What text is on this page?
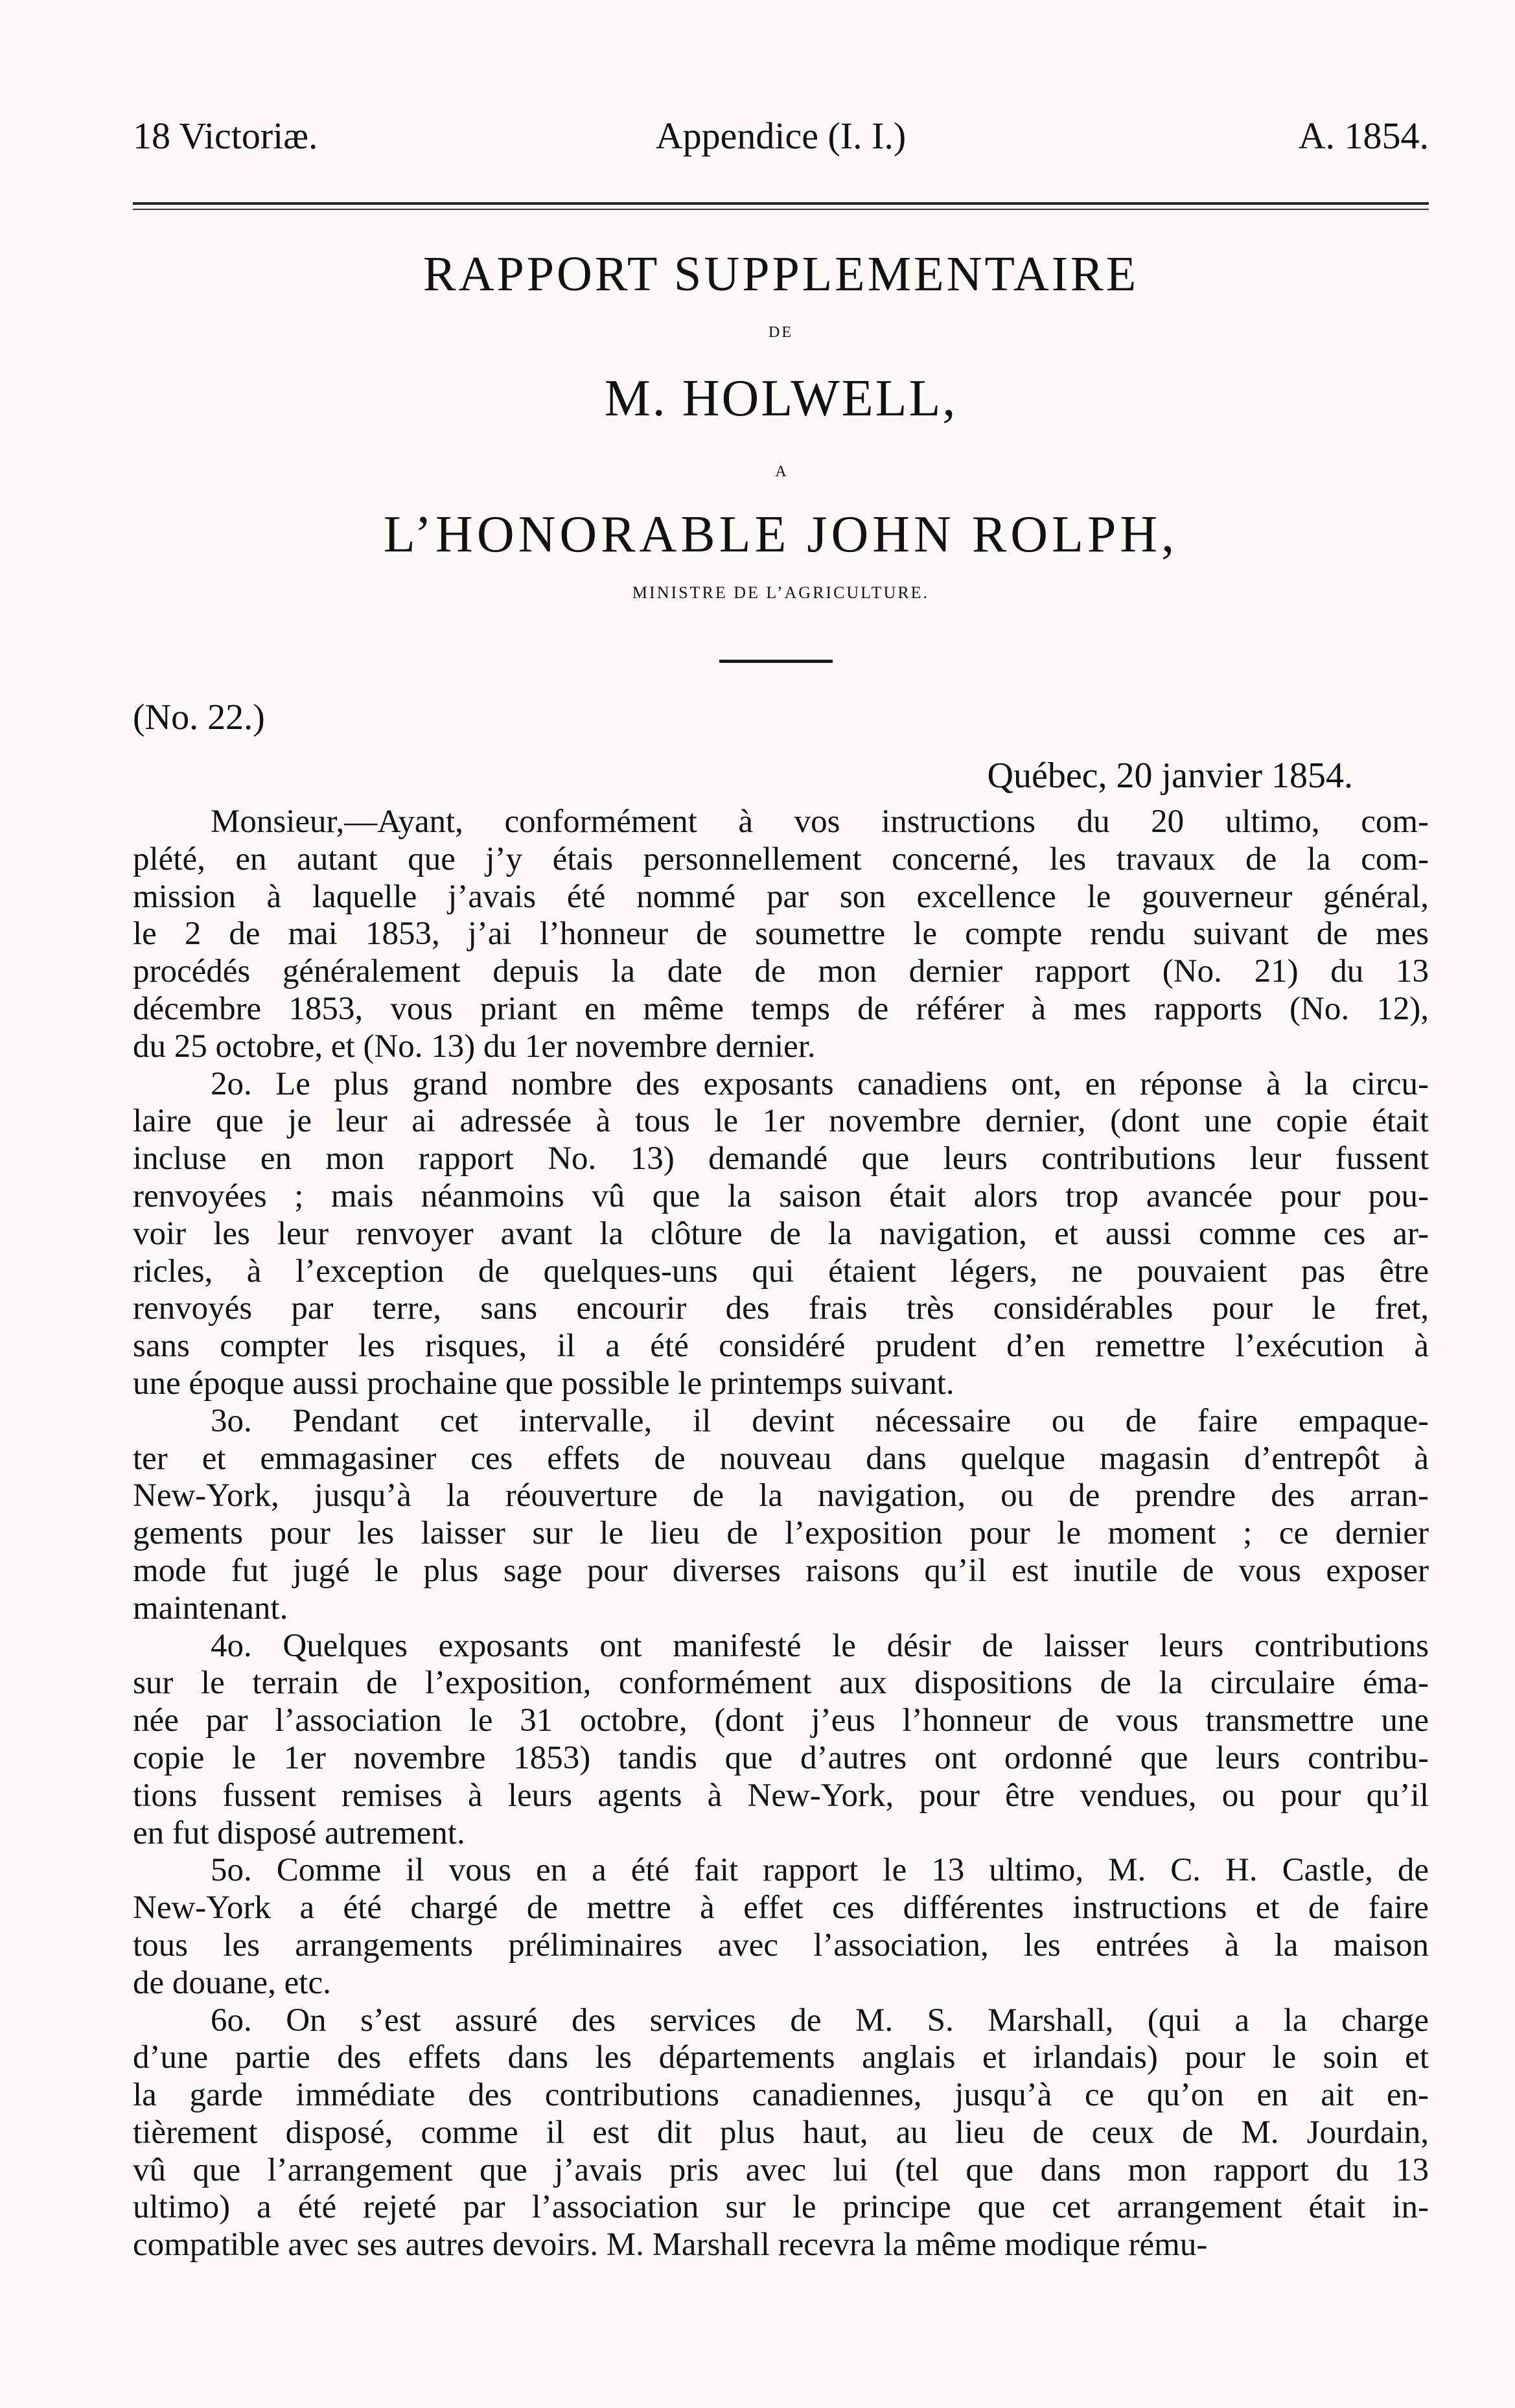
18 Victoriæ.	Appendice (I. I.)	A. 1854.
RAPPORT SUPPLEMENTAIRE
DE
M. HOLWELL,
A
L’HONORABLE JOHN ROLPH,
MINISTRE DE L’AGRICULTURE.
(No. 22.)
Québec, 20 janvier 1854.
Monsieur,—Ayant, conformément à vos instructions du 20 ultimo, com-
plété, en autant que j’y étais personnellement concerné, les travaux de la com-
mission à laquelle j’avais été nommé par son excellence le gouverneur général,
le 2 de mai 1853, j’ai l’honneur de soumettre le compte rendu suivant de mes
procédés généralement depuis la date de mon dernier rapport (No. 21) du 13
décembre 1853, vous priant en même temps de référer à mes rapports (No. 12),
du 25 octobre, et (No. 13) du 1er novembre dernier.
2o. Le plus grand nombre des exposants canadiens ont, en réponse à la circu-
laire que je leur ai adressée à tous le 1er novembre dernier, (dont une copie était
incluse en mon rapport No. 13) demandé que leurs contributions leur fussent
renvoyées ; mais néanmoins vû que la saison était alors trop avancée pour pou-
voir les leur renvoyer avant la clôture de la navigation, et aussi comme ces ar-
ricles, à l’exception de quelques-uns qui étaient légers, ne pouvaient pas être
renvoyés par terre, sans encourir des frais très considérables pour le fret,
sans compter les risques, il a été considéré prudent d’en remettre l’exécution à
une époque aussi prochaine que possible le printemps suivant.
3o. Pendant cet intervalle, il devint nécessaire ou de faire empaque-
ter et emmagasiner ces effets de nouveau dans quelque magasin d’entrepôt à
New-York, jusqu’à la réouverture de la navigation, ou de prendre des arran-
gements pour les laisser sur le lieu de l’exposition pour le moment ; ce dernier
mode fut jugé le plus sage pour diverses raisons qu’il est inutile de vous exposer
maintenant.
4o. Quelques exposants ont manifesté le désir de laisser leurs contributions
sur le terrain de l’exposition, conformément aux dispositions de la circulaire éma-
née par l’association le 31 octobre, (dont j’eus l’honneur de vous transmettre une
copie le 1er novembre 1853) tandis que d’autres ont ordonné que leurs contribu-
tions fussent remises à leurs agents à New-York, pour être vendues, ou pour qu’il
en fut disposé autrement.
5o. Comme il vous en a été fait rapport le 13 ultimo, M. C. H. Castle, de
New-York a été chargé de mettre à effet ces différentes instructions et de faire
tous les arrangements préliminaires avec l’association, les entrées à la maison
de douane, etc.
6o. On s’est assuré des services de M. S. Marshall, (qui a la charge
d’une partie des effets dans les départements anglais et irlandais) pour le soin et
la garde immédiate des contributions canadiennes, jusqu’à ce qu’on en ait en-
tièrement disposé, comme il est dit plus haut, au lieu de ceux de M. Jourdain,
vû que l’arrangement que j’avais pris avec lui (tel que dans mon rapport du 13
ultimo) a été rejeté par l’association sur le principe que cet arrangement était in-
compatible avec ses autres devoirs. M. Marshall recevra la même modique rému-
